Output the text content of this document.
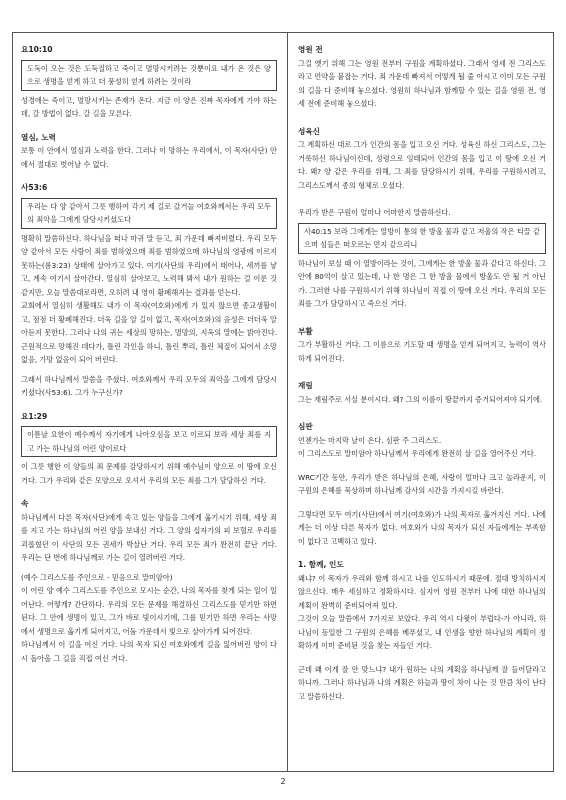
요10:10

도둑이 오는 것은 도둑질하고 죽이고 멸망시키려는 것뿐이요 내가 온 것은 양으로 생명을 얻게 하고 더 풍성히 얻게 하려는 것이라

성경에는 죽이고, 멸망시키는 존재가 온다. 지금 이 양은 진짜 목자에게 가야 하는데, 갈 방법이 없다. 갈 길을 모른다.

열심, 노력

보통 이 안에서 열심과 노력을 한다. 그러나 이 망하는 우리에서, 이 목자(사단) 안에서 절대로 벗어날 수 없다.

사53:6

우리는 다 양 같아서 그릇 행하여 각기 제 길로 갔거늘 여호와께서는 우리 모두의 죄악을 그에게 담당시키셨도다

명확히 말씀하신다. 하나님을 떠나 마귀 말 듣고, 죄 가운데 빠져버렸다. 우리 모두 양 같아서 모든 사람이 죄를 범하였으매 죄를 범하였으매 하나님의 영광에 이르지 못하는(롬3:23) 상태에 살아가고 있다. 여기(사단의 우리)에서 태어나, 세끼를 낳고, 계속 여기서 살아간다. 열심히 살아보고, 노력해 봐서 내가 원하는 걸 이룬 것 같지만, 오늘 말씀대로라면, 오히려 내 영이 황폐해지는 결과를 얻는다.

교회에서 열심히 생활해도 내가 이 목자(여호와)에게 가 있지 않으면 종교생활이고, 점점 더 황폐해진다. 더욱 길을 알 길이 없고, 목자(여호와)의 음성은 더더욱 알아듣지 못한다. 그러나 나의 귀는 세상의 망하는, 멸망의, 지옥의 말에는 밝아진다. 근원적으로 망해진 데다가, 틀린 각인을 하니, 틀린 뿌리, 틀린 체질이 되어서 소망 없음, 가망 없음이 되어 버린다.

그래서 하나님께서 말씀을 주셨다. 여호와께서 우리 모두의 죄악을 그에게 담당시키셨다(사53:6). 그가 누구신가?

요1:29

이튿날 요한이 예수께서 자기에게 나아오심을 보고 이르되 보라 세상 죄를 지고 가는 하나님의 어린 양이로다

이 그릇 행한 이 양들의 죄 문제를 감당하시기 위해 예수님이 양으로 이 땅에 오신 거다. 그가 우리와 같은 모양으로 오셔서 우리의 모든 죄를 그가 담당하신 거다.

속

하나님께서 다른 목자(사단)에게 속고 있는 양들을 그에게 옮기시기 위해, 세상 죄를 지고 가는 하나님의 어린 양을 보내신 거다. 그 양의 십자가의 피 보혈로 우리를 괴롭혔던 이 사단의 모든 권세가 박살난 거다. 우리 모든 죄가 완전히 끝난 거다. 우리는 단 번에 하나님께로 가는 길이 열려버린 거다.

(예수 그리스도를 주인으로 - 믿음으로 말미암아)

이 어린 양 예수 그리스도를 주인으로 모시는 순간, 나의 목자를 찾게 되는 일이 일어난다. 어떻게? 간단하다. 우리의 모든 문제를 해결하신 그리스도를 믿기만 하면 된다. 그 안에 생명이 있고, 그가 바로 빛이시기에, 그를 믿기만 하면 우리는 사망에서 생명으로 옮기게 되어지고, 어둠 가운데서 빛으로 살아가게 되어진다.

하나님께서 이 길을 여신 거다. 나의 목자 되신 여호와에게 길을 잃어버린 양이 다시 돌아올 그 길을 직접 여신 거다.

영원 전

그걸 옛기 위해 그는 영원 전부터 구원을 계획하셨다. 그래서 영세 전 그리스도라고 언약을 붙잡는 거다. 죄 가운데 빠져서 어떻게 될 줄 아시고 이미 모든 구원의 길을 다 준비해 놓으셨다. 영원히 하나님과 함께할 수 있는 길을 영원 전, 영세 전에 준비해 놓으셨다.

성육신

그 계획하신 대로 그가 인간의 몸을 입고 오신 거다. 성육신 하신 그리스도, 그는 거룩하신 하나님이신데, 성령으로 잉태되어 인간의 몸을 입고 이 땅에 오신 거다. 왜? 양 같은 우리를 위해, 그 죄를 담당하시기 위해, 우리를 구원하시려고, 그리스도께서 종의 형체로 오셨다.

우리가 받은 구원이 얼마나 어마한지 말씀하신다.

사40:15 보라 그에게는 열방이 통의 한 방울 물과 같고 저울의 작은 티끌 같으며 섬들은 떠오르는 먼지 같으리니

하나님이 보실 때 이 열방이라는 것이, 그에게는 한 방울 물과 같다고 하신다. 그 안에 80억이 살고 있는데, 나 한 명은 그 한 방울 물에서 방울도 안 될 거 아닌가. 그러한 나를 구원하시기 위해 하나님이 직접 이 땅에 오신 거다. 우리의 모든 죄를 그가 담당하시고 죽으신 거다.

부활

그가 부활하신 거다. 그 이름으로 기도할 때 생명을 얻게 되어지고, 능력이 역사하게 되어진다.

재림

그는 재림주로 서실 분이시다. 왜? 그의 이름이 땅끝까지 증거되어져야 되기에.

심판

언젠가는 마지막 날이 온다. 심판 주 그리스도.

이 그리스도로 말미암아 하나님께서 우리에게 완전히 살 길을 열어주신 거다.

WRC기간 동안, 우리가 받은 하나님의 은혜, 사랑이 얼마나 크고 놀라운지, 이 구원의 은혜를 묵상하며 하나님께 감사의 시간을 가지시길 바란다.

그렇다면 모두 여기(사단)에서 여기(여호와)가 나의 목자로 옮겨지신 거다. 나에게는 더 이상 다른 목자가 없다. 여호와가 나의 목자가 되신 자들에게는 부족함이 없다고 고백하고 있다.

1. 함께, 인도

왜냐? 이 목자가 우리와 함께 하시고 나를 인도하시기 때문에. 절대 방치하시지 않으신다. 매우 세심하고 정확하시다. 심지어 영원 전부터 나에 대한 하나님의 계획이 완벽히 준비되어져 있다.

그것이 오늘 말씀에서 7가지로 보았다. 우리 역시 다윗이 부럽다-가 아니라, 하나님이 동일한 그 구원의 은혜를 베푸셨고, 내 인생을 향한 하나님의 계획이 정확하게 이미 준비된 것을 찾는 자들인 거다.

근데 왜 이게 잘 안 맞느냐? 내가 원하는 나의 계획을 하나님께 잘 들어달라고 하니까. 그러나 하나님과 나의 계획은 하늘과 땅이 차이 나는 것 만큼 차이 난다고 말씀하신다.

2
